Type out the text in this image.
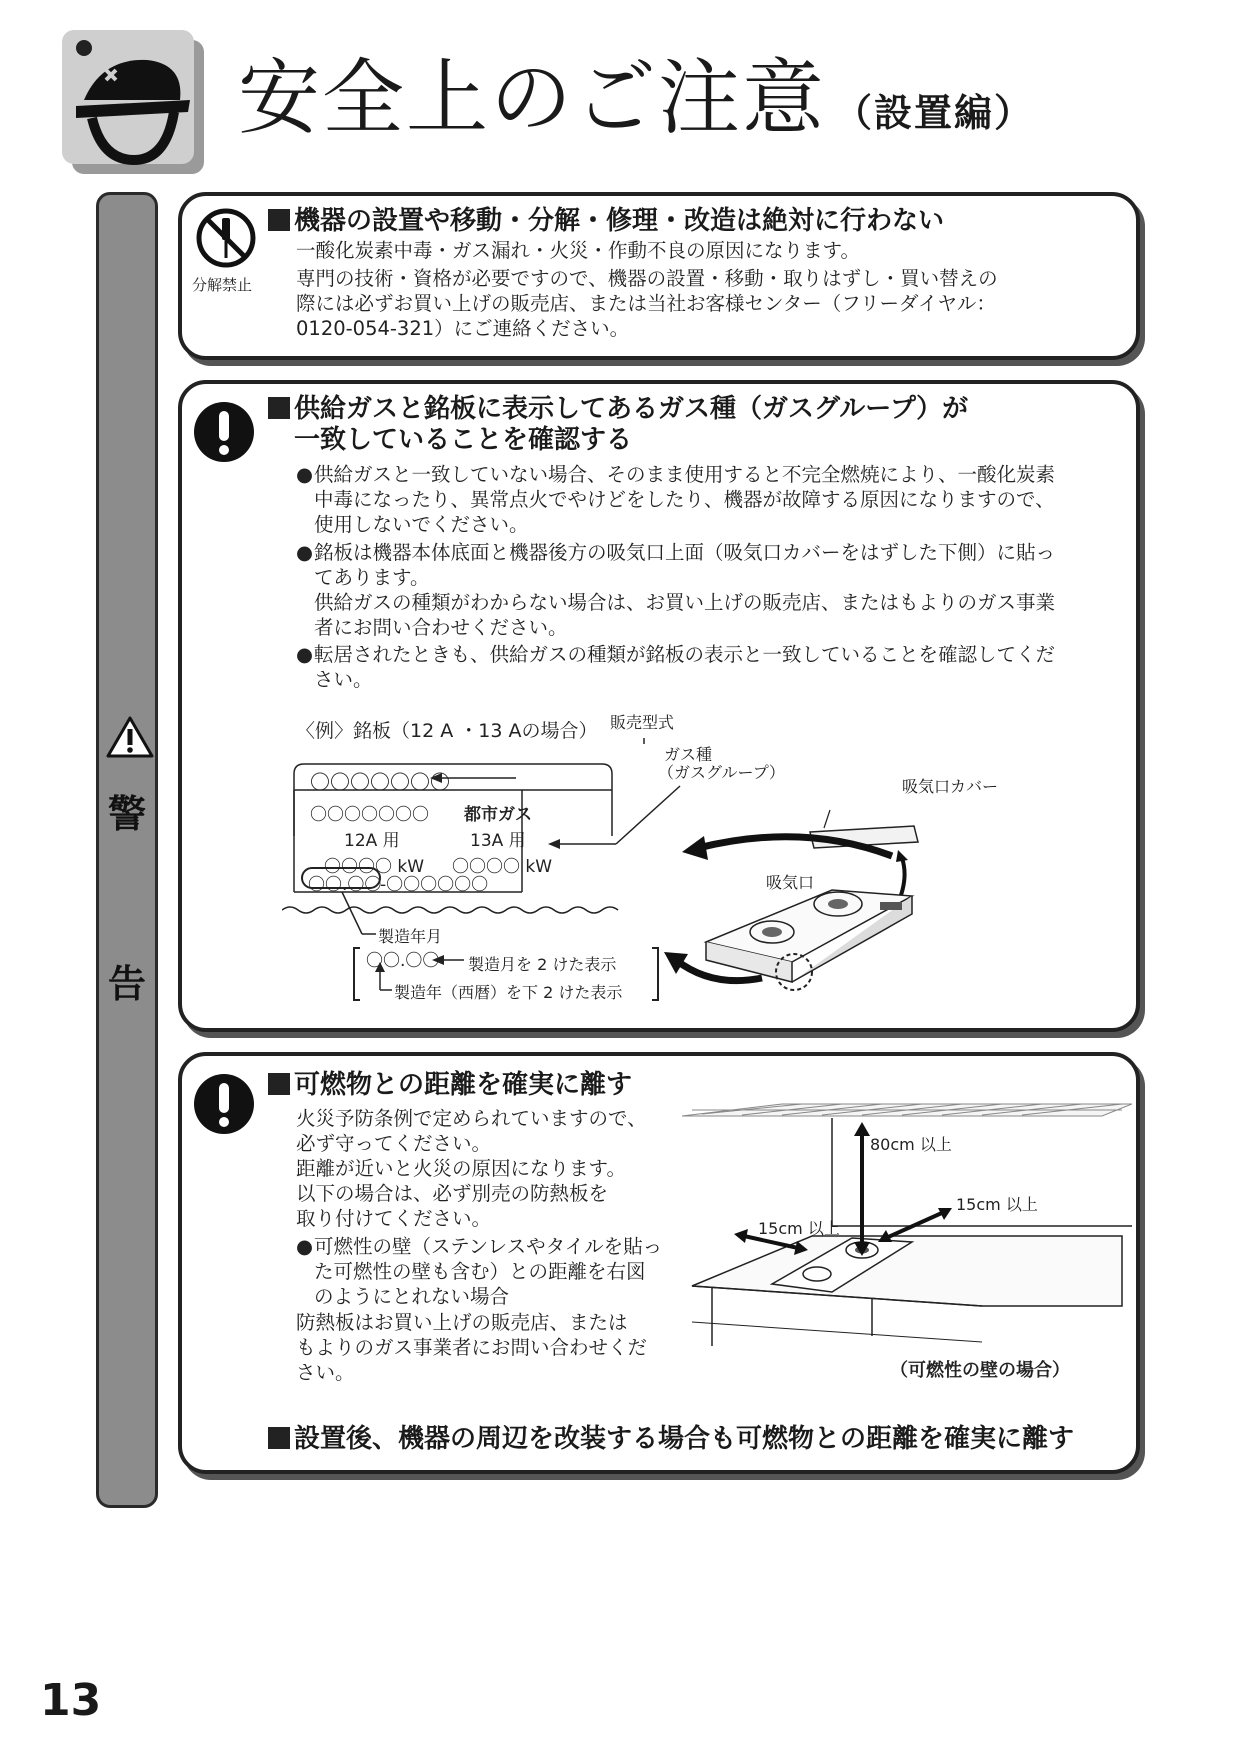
安全上のご注意 （設置編）
警
告
分解禁止
機器の設置や移動・分解・修理・改造は絶対に行わない

一酸化炭素中毒・ガス漏れ・火災・作動不良の原因になります。

専門の技術・資格が必要ですので、機器の設置・移動・取りはずし・買い替えの

際には必ずお買い上げの販売店、または当社お客様センター（フリーダイヤル：

0120-054-321）にご連絡ください。

供給ガスと銘板に表示してあるガス種（ガスグループ）が
一致していることを確認する
● 供給ガスと一致していない場合、そのまま使用すると不完全燃焼により、一酸化炭素

中毒になったり、異常点火でやけどをしたり、機器が故障する原因になりますので、

使用しないでください。

● 銘板は機器本体底面と機器後方の吸気口上面（吸気口カバーをはずした下側）に貼っ

てあります。

供給ガスの種類がわからない場合は、お買い上げの販売店、またはもよりのガス事業

者にお問い合わせください。

● 転居されたときも、供給ガスの種類が銘板の表示と一致していることを確認してくだ

さい。

〈例〉銘板（12 A ・13 Aの場合） 販売型式
ガス種
（ガスグループ）
〇〇〇〇〇〇〇
〇〇〇〇〇〇〇 都市ガス
12A 用	13A 用
〇〇〇〇 kW 〇〇〇〇 kW
〇〇.〇〇
-〇〇〇〇〇〇
製造年月
〇〇.〇〇 製造月を 2 けた表示
製造年（西暦）を下 2 けた表示
吸気口カバー
吸気口
可燃物との距離を確実に離す

火災予防条例で定められていますので、

必ず守ってください。

距離が近いと火災の原因になります。

以下の場合は、必ず別売の防熱板を

取り付けてください。

● 可燃性の壁（ステンレスやタイルを貼っ

た可燃性の壁も含む）との距離を右図

のようにとれない場合

防熱板はお買い上げの販売店、または

もよりのガス事業者にお問い合わせくだ

さい。

80cm 以上
15cm 以上
15cm 以上
（可燃性の壁の場合）
設置後、機器の周辺を改装する場合も可燃物との距離を確実に離す
13
